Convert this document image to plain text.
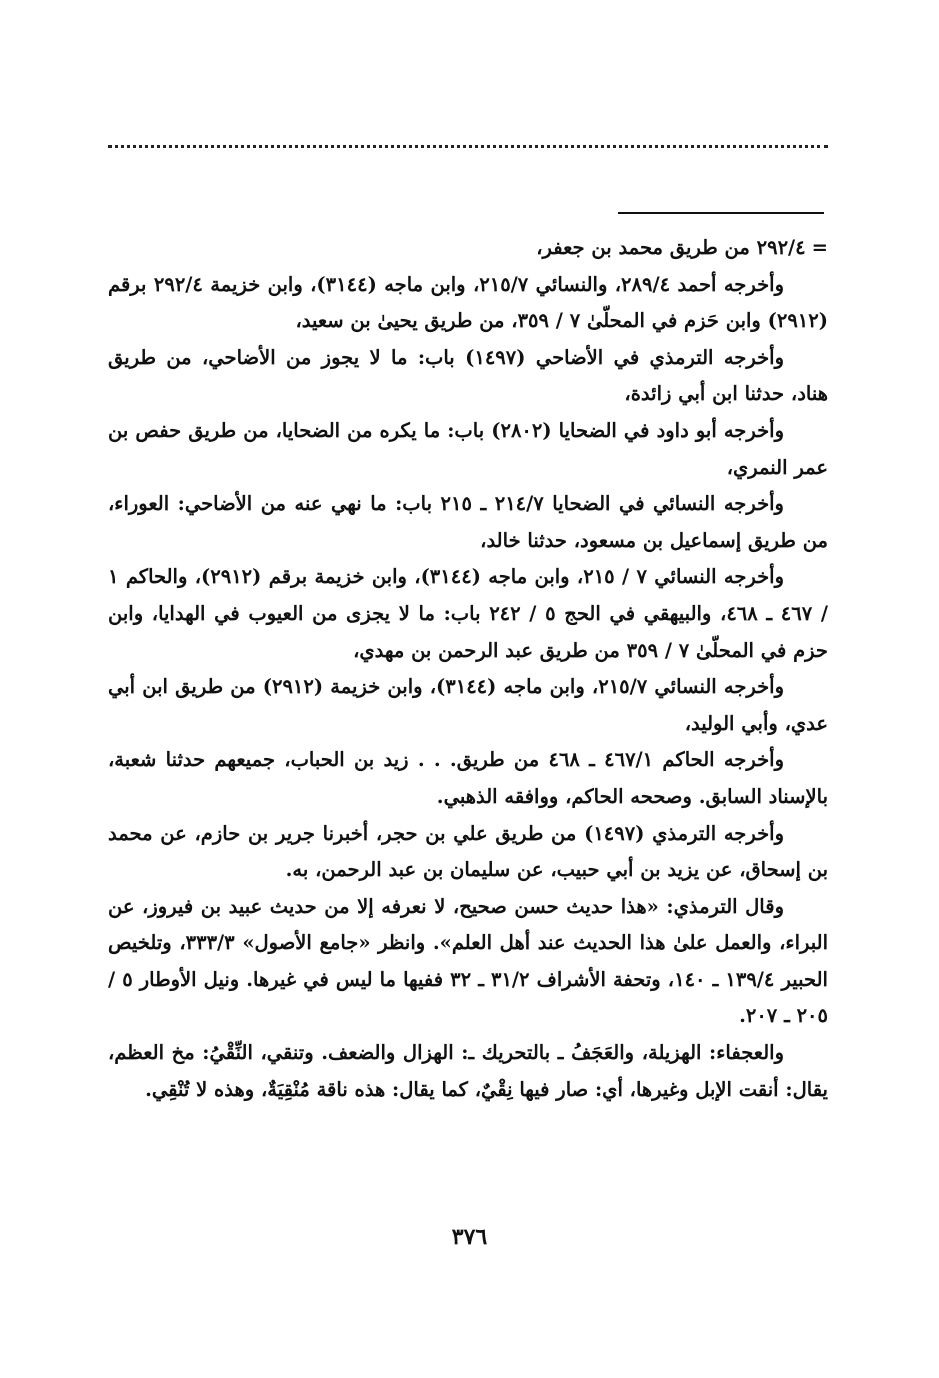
=٢٩٢/٤ من طريق محمد بن جعفر،

وأخرجه أحمد ٢٨٩/٤، والنسائي ٢١٥/٧، وابن ماجه (٣١٤٤)، وابن خزيمة ٢٩٢/٤ برقم (٢٩١٢) وابن حَزم في المحلّىٰ ٧ / ٣٥٩، من طريق يحيىٰ بن سعيد،

وأخرجه الترمذي في الأضاحي (١٤٩٧) باب: ما لا يجوز من الأضاحي، من طريق هناد، حدثنا ابن أبي زائدة،

وأخرجه أبو داود في الضحايا (٢٨٠٢) باب: ما يكره من الضحايا، من طريق حفص بن عمر النمري،

وأخرجه النسائي في الضحايا ٢١٤/٧ ـ ٢١٥ باب: ما نهي عنه من الأضاحي: العوراء، من طريق إسماعيل بن مسعود، حدثنا خالد،

وأخرجه النسائي ٧ / ٢١٥، وابن ماجه (٣١٤٤)، وابن خزيمة برقم (٢٩١٢)، والحاكم ١ / ٤٦٧ ـ ٤٦٨، والبيهقي في الحج ٥ / ٢٤٢ باب: ما لا يجزى من العيوب في الهدايا، وابن حزم في المحلّىٰ ٧ / ٣٥٩ من طريق عبد الرحمن بن مهدي،

وأخرجه النسائي ٢١٥/٧، وابن ماجه (٣١٤٤)، وابن خزيمة (٢٩١٢) من طريق ابن أبي عدي، وأبي الوليد،

وأخرجه الحاكم ٤٦٧/١ ـ ٤٦٨ من طريق. . . زيد بن الحباب، جميعهم حدثنا شعبة، بالإسناد السابق. وصححه الحاكم، ووافقه الذهبي.

وأخرجه الترمذي (١٤٩٧) من طريق علي بن حجر، أخبرنا جرير بن حازم، عن محمد بن إسحاق، عن يزيد بن أبي حبيب، عن سليمان بن عبد الرحمن، به.

وقال الترمذي: «هذا حديث حسن صحيح، لا نعرفه إلا من حديث عبيد بن فيروز، عن البراء، والعمل علىٰ هذا الحديث عند أهل العلم». وانظر «جامع الأصول» ٣٣٣/٣، وتلخيص الحبير ١٣٩/٤ ـ ١٤٠، وتحفة الأشراف ٣١/٢ ـ ٣٢ ففيها ما ليس في غيرها. ونيل الأوطار ٥ / ٢٠٥ ـ ٢٠٧.

والعجفاء: الهزيلة، والعَجَفُ ـ بالتحريك ـ: الهزال والضعف. وتنقي، النِّقْيُ: مخ العظم، يقال: أنقت الإبل وغيرها، أي: صار فيها نِقْيٌ، كما يقال: هذه ناقة مُنْقِيَةٌ، وهذه لا تُنْقِي.

٣٧٦
